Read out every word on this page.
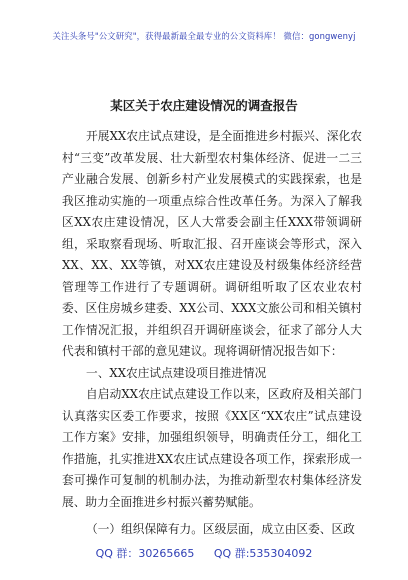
关注头条号"公文研究"，获得最新最全最专业的公文资料库！ 微信：gongwenyj
某区关于农庄建设情况的调查报告

开展XX农庄试点建设，是全面推进乡村振兴、深化农村“三变”改革发展、壮大新型农村集体经济、促进一二三产业融合发展、创新乡村产业发展模式的实践探索，也是我区推动实施的一项重点综合性改革任务。为深入了解我区XX农庄建设情况，区人大常委会副主任XXX带领调研组，采取察看现场、听取汇报、召开座谈会等形式，深入XX、XX、XX等镇，对XX农庄建设及村级集体经济经营管理等工作进行了专题调研。调研组听取了区农业农村委、区住房城乡建委、XX公司、XXX文旅公司和相关镇村工作情况汇报，并组织召开调研座谈会，征求了部分人大代表和镇村干部的意见建议。现将调研情况报告如下：

一、XX农庄试点建设项目推进情况

自启动XX农庄试点建设工作以来，区政府及相关部门认真落实区委工作要求，按照《XX区“XX农庄”试点建设工作方案》安排，加强组织领导，明确责任分工，细化工作措施，扎实推进XX农庄试点建设各项工作，探索形成一套可操作可复制的机制办法，为推动新型农村集体经济发展、助力全面推进乡村振兴蓄势赋能。

（一）组织保障有力。区级层面，成立由区委、区政

QQ 群：30265665 QQ 群:535304092
